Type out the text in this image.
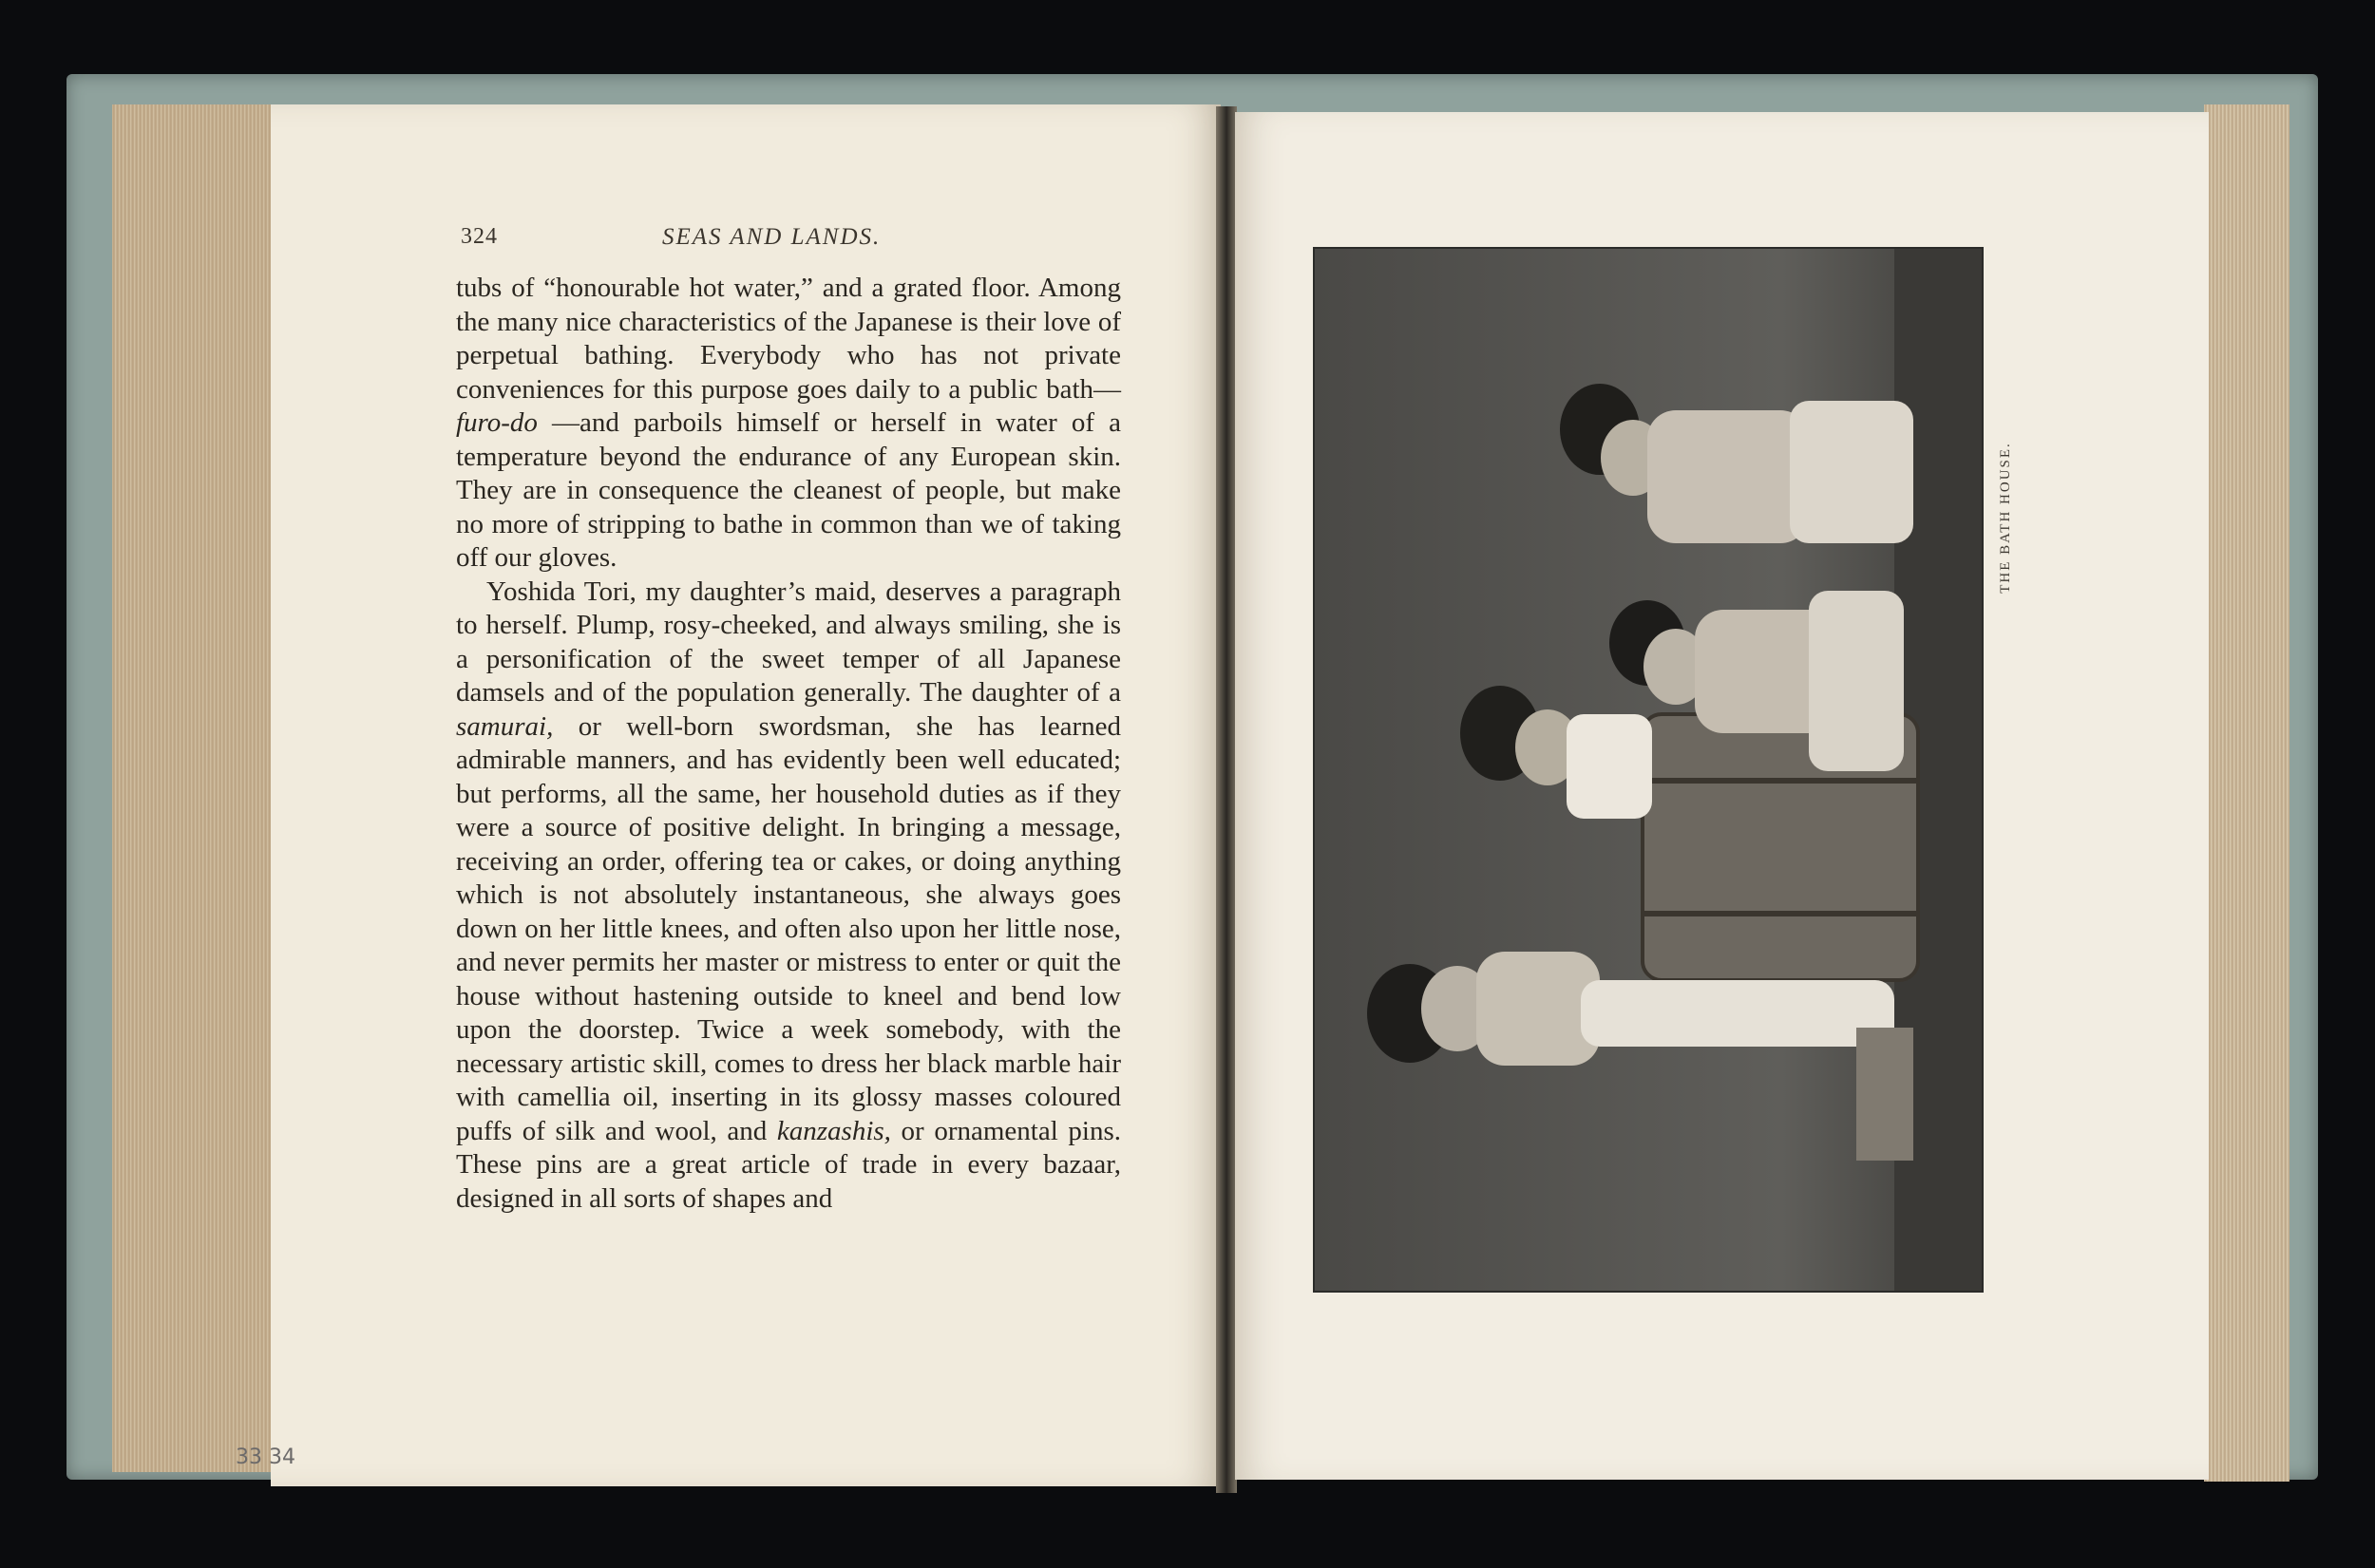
324	SEAS AND LANDS.

tubs of “honourable hot water,” and a grated floor. Among the many nice characteristics of the Japanese is their love of perpetual bathing. Everybody who has not private conveniences for this purpose goes daily to a public bath—furo-do —and parboils himself or herself in water of a temperature beyond the endurance of any European skin. They are in consequence the cleanest of people, but make no more of stripping to bathe in common than we of taking off our gloves.

Yoshida Tori, my daughter’s maid, deserves a paragraph to herself. Plump, rosy-cheeked, and always smiling, she is a personification of the sweet temper of all Japanese damsels and of the population generally. The daughter of a samurai, or well-born swordsman, she has learned admirable manners, and has evidently been well educated; but performs, all the same, her household duties as if they were a source of positive delight. In bringing a message, receiving an order, offering tea or cakes, or doing anything which is not absolutely instantaneous, she always goes down on her little knees, and often also upon her little nose, and never permits her master or mistress to enter or quit the house without hastening outside to kneel and bend low upon the doorstep. Twice a week somebody, with the necessary artistic skill, comes to dress her black marble hair with camellia oil, inserting in its glossy masses coloured puffs of silk and wool, and kanzashis, or ornamental pins. These pins are a great article of trade in every bazaar, designed in all sorts of shapes and

33 34
THE BATH HOUSE.
